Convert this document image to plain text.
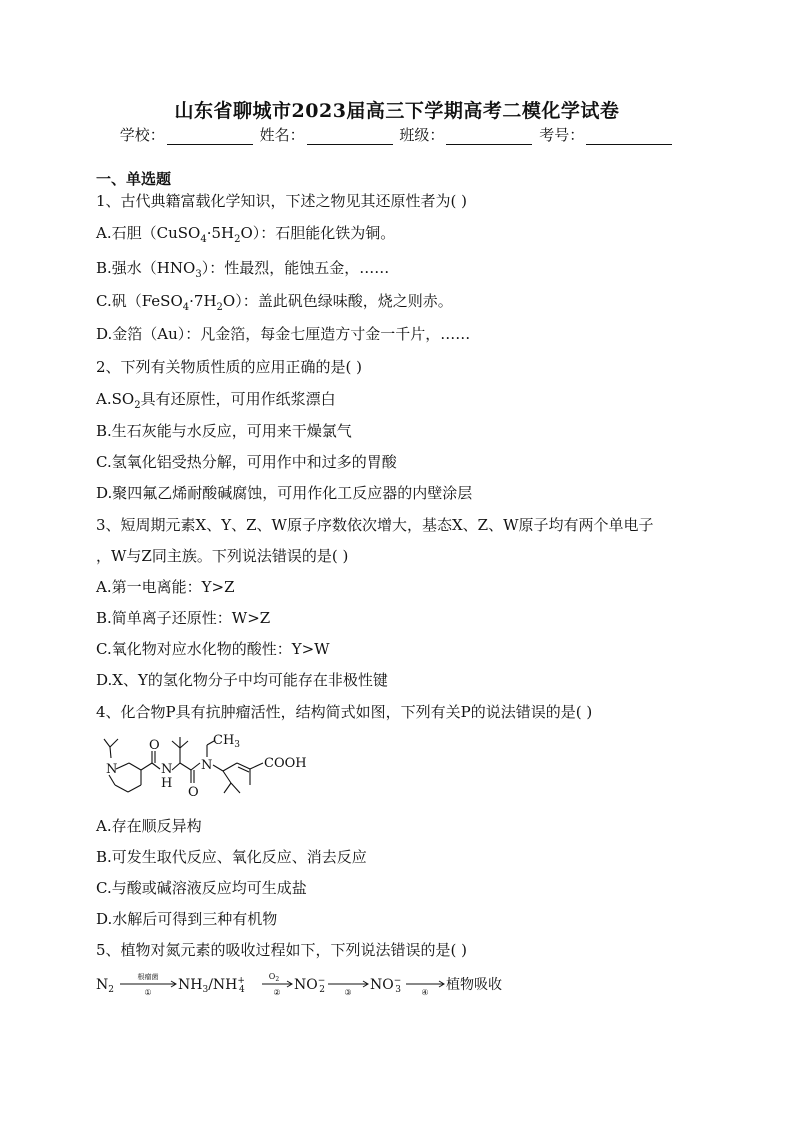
山东省聊城市2023届高三下学期高考二模化学试卷
学校：	姓名：	班级：	考号：
一、单选题
1、古代典籍富载化学知识，下述之物见其还原性者为( )
A.石胆$(CuSO_4\cdot 5H_2O)$：石胆能化铁为铜。
B.强水$(HNO_3)$：性最烈，能蚀五金，……
C.矾$(FeSO_4\cdot 7H_2O)$：盖此矾色绿味酸，烧之则赤。
D.金箔（Au）：凡金箔，每金七厘造方寸金一千片，……
2、下列有关物质性质的应用正确的是( )
$A.SO_2$具有还原性，可用作纸浆漂白
B.生石灰能与水反应，可用来干燥氯气
C.氢氧化铝受热分解，可用作中和过多的胃酸
D.聚四氟乙烯耐酸碱腐蚀，可用作化工反应器的内壁涂层
3、短周期元素X、Y、Z、W原子序数依次增大，基态X、Z、W原子均有两个单电子
，W与Z同主族。下列说法错误的是( )
A.第一电离能：Y>Z
B.简单离子还原性：W>Z
C.氧化物对应水化物的酸性：Y>W
D.X、Y的氢化物分子中均可能存在非极性键
4、化合物P具有抗肿瘤活性，结构简式如图，下列有关P的说法错误的是( )
N
O
N
H
O
N
$CH_3$
COOH
A.存在顺反异构
B.可发生取代反应、氧化反应、消去反应
C.与酸或碱溶液反应均可生成盐
D.水解后可得到三种有机物
5、植物对氮元素的吸收过程如下，下列说法错误的是( )
$N_2$
根瘤菌
① $NH_3/NH^+$ 4
$O_2$
② NO− 2 ③ NO− 3	④ 植物吸收
